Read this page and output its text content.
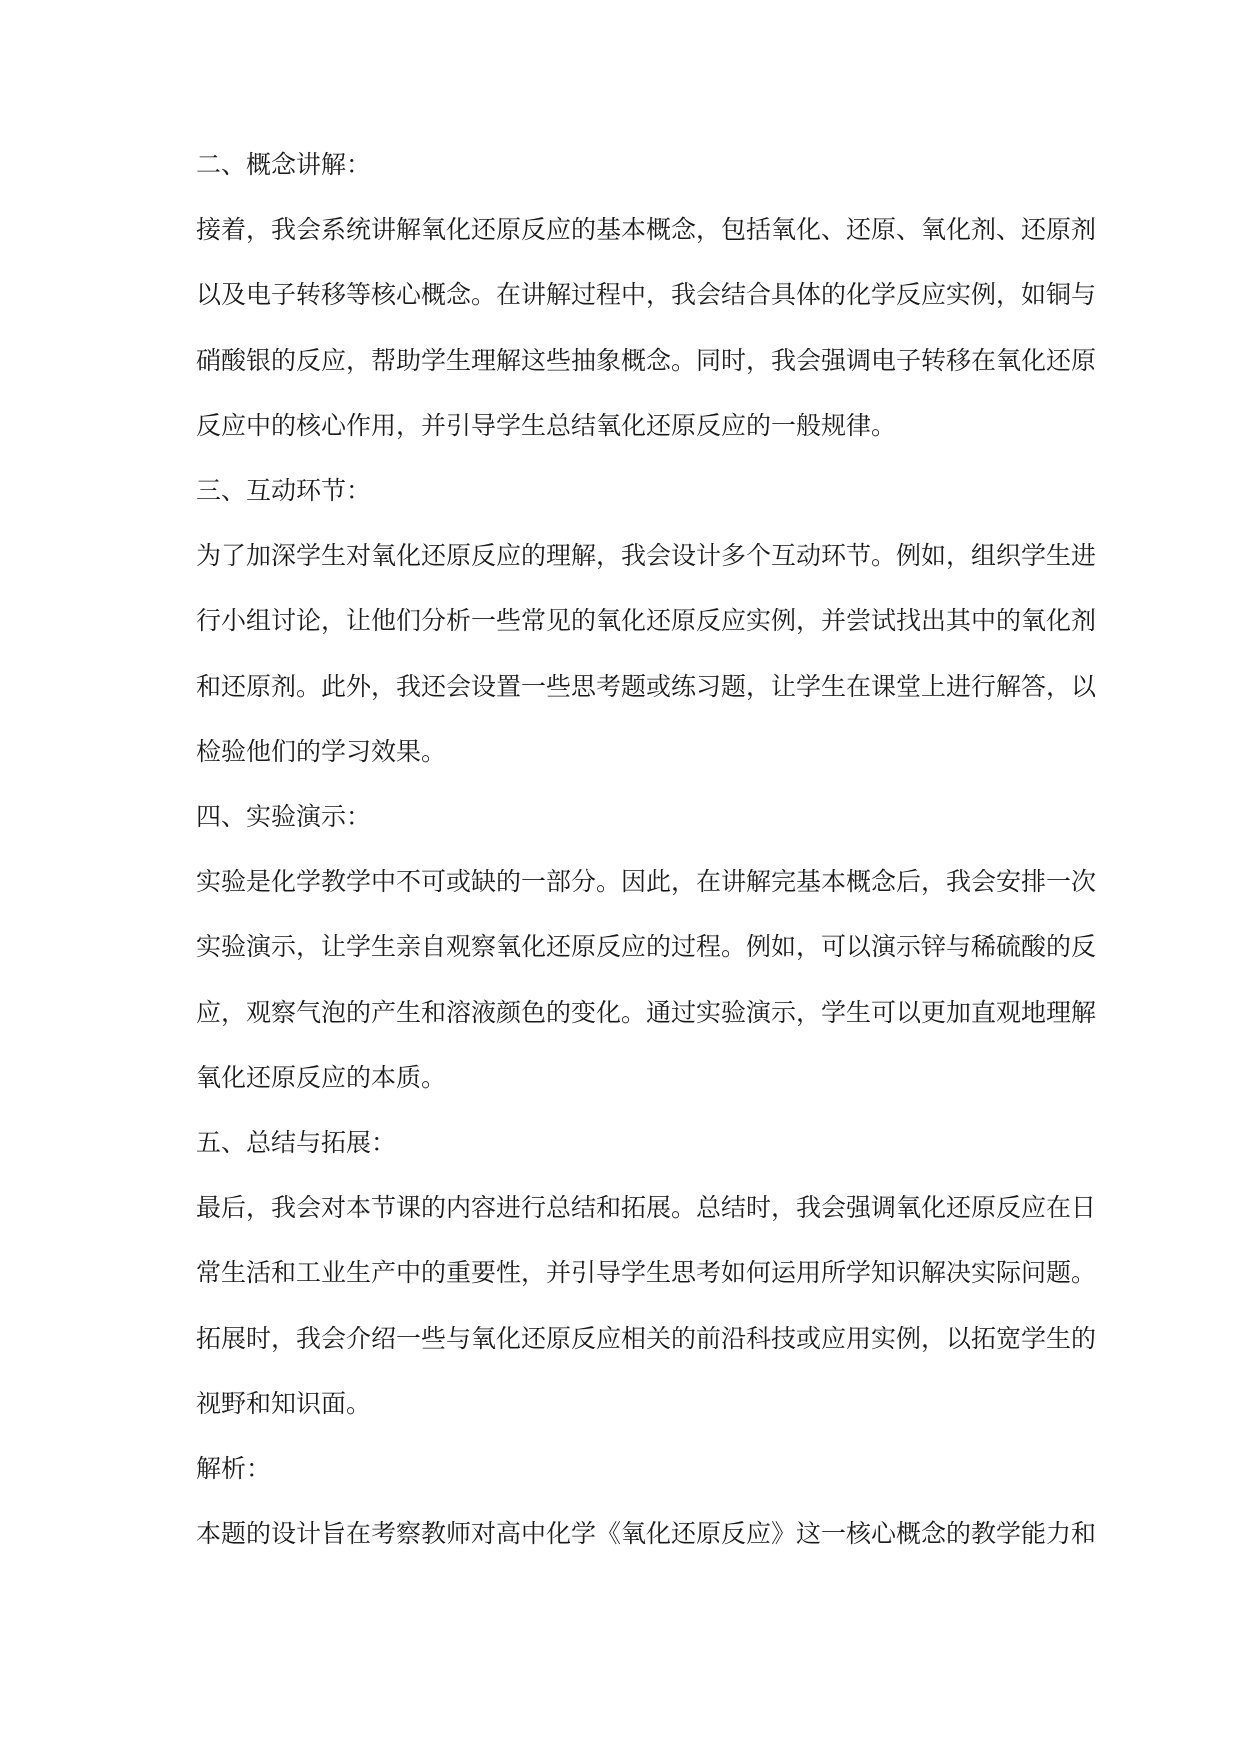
二、概念讲解：

接着，我会系统讲解氧化还原反应的基本概念，包括氧化、还原、氧化剂、还原剂以及电子转移等核心概念。在讲解过程中，我会结合具体的化学反应实例，如铜与硝酸银的反应，帮助学生理解这些抽象概念。同时，我会强调电子转移在氧化还原反应中的核心作用，并引导学生总结氧化还原反应的一般规律。

三、互动环节：

为了加深学生对氧化还原反应的理解，我会设计多个互动环节。例如，组织学生进行小组讨论，让他们分析一些常见的氧化还原反应实例，并尝试找出其中的氧化剂和还原剂。此外，我还会设置一些思考题或练习题，让学生在课堂上进行解答，以检验他们的学习效果。

四、实验演示：

实验是化学教学中不可或缺的一部分。因此，在讲解完基本概念后，我会安排一次实验演示，让学生亲自观察氧化还原反应的过程。例如，可以演示锌与稀硫酸的反应，观察气泡的产生和溶液颜色的变化。通过实验演示，学生可以更加直观地理解氧化还原反应的本质。

五、总结与拓展：

最后，我会对本节课的内容进行总结和拓展。总结时，我会强调氧化还原反应在日常生活和工业生产中的重要性，并引导学生思考如何运用所学知识解决实际问题。拓展时，我会介绍一些与氧化还原反应相关的前沿科技或应用实例，以拓宽学生的视野和知识面。

解析：

本题的设计旨在考察教师对高中化学《氧化还原反应》这一核心概念的教学能力和
